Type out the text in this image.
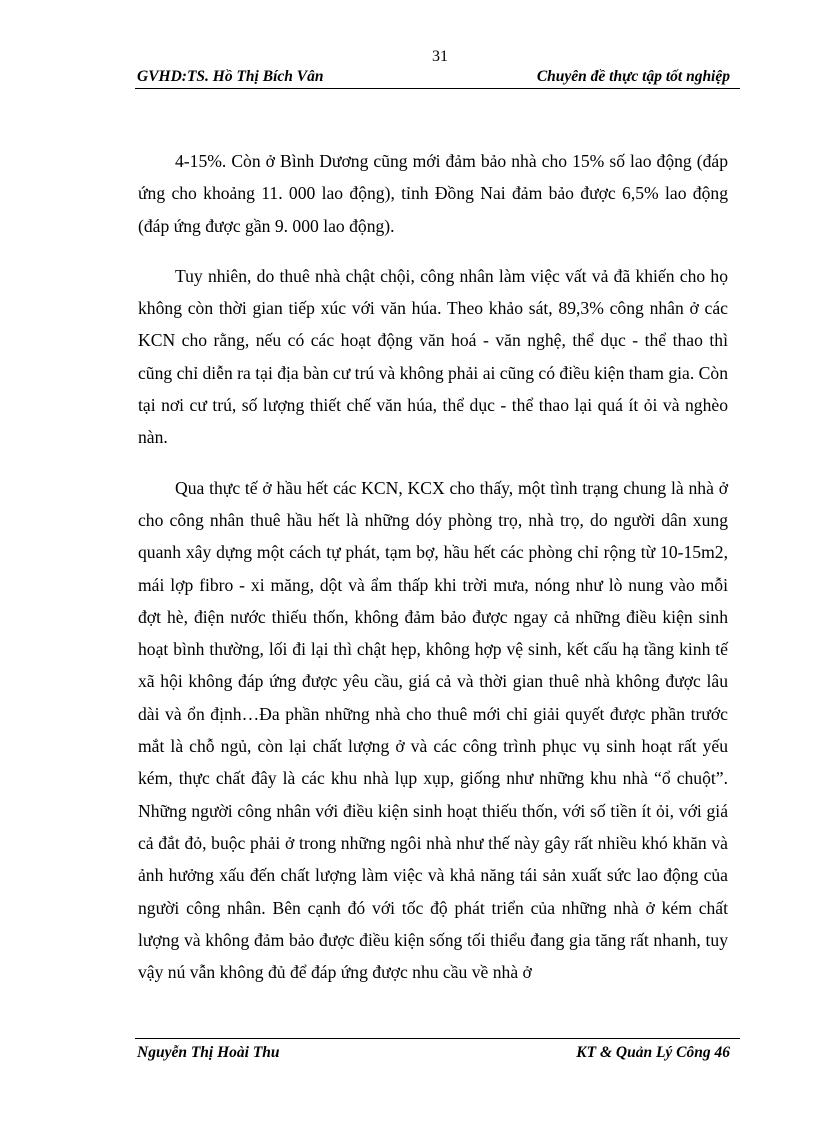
31
GVHD:TS. Hồ Thị Bích Vân	Chuyên đề thực tập tốt nghiệp

4-15%. Còn ở Bình Dương cũng mới đảm bảo nhà cho 15% số lao động (đáp ứng cho khoảng 11. 000 lao động), tỉnh Đồng Nai đảm bảo được 6,5% lao động (đáp ứng được gần 9. 000 lao động).

Tuy nhiên, do thuê nhà chật chội, công nhân làm việc vất vả đã khiến cho họ không còn thời gian tiếp xúc với văn húa. Theo khảo sát, 89,3% công nhân ở các KCN cho rằng, nếu có các hoạt động văn hoá - văn nghệ, thể dục - thể thao thì cũng chỉ diễn ra tại địa bàn cư trú và không phải ai cũng có điều kiện tham gia. Còn tại nơi cư trú, số lượng thiết chế văn húa, thể dục - thể thao lại quá ít ỏi và nghèo nàn.

Qua thực tế ở hầu hết các KCN, KCX cho thấy, một tình trạng chung là nhà ở cho công nhân thuê hầu hết là những dóy phòng trọ, nhà trọ, do người dân xung quanh xây dựng một cách tự phát, tạm bợ, hầu hết các phòng chỉ rộng từ 10-15m2, mái lợp fibro - xi măng, dột và ẩm thấp khi trời mưa, nóng như lò nung vào mỗi đợt hè, điện nước thiếu thốn, không đảm bảo được ngay cả những điều kiện sinh hoạt bình thường, lối đi lại thì chật hẹp, không hợp vệ sinh, kết cấu hạ tầng kinh tế xã hội không đáp ứng được yêu cầu, giá cả và thời gian thuê nhà không được lâu dài và ổn định…Đa phần những nhà cho thuê mới chỉ giải quyết được phần trước mắt là chỗ ngủ, còn lại chất lượng ở và các công trình phục vụ sinh hoạt rất yếu kém, thực chất đây là các khu nhà lụp xụp, giống như những khu nhà “ổ chuột”. Những người công nhân với điều kiện sinh hoạt thiếu thốn, với số tiền ít ỏi, với giá cả đắt đỏ, buộc phải ở trong những ngôi nhà như thế này gây rất nhiều khó khăn và ảnh hưởng xấu đến chất lượng làm việc và khả năng tái sản xuất sức lao động của người công nhân. Bên cạnh đó với tốc độ phát triển của những nhà ở kém chất lượng và không đảm bảo được điều kiện sống tối thiểu đang gia tăng rất nhanh, tuy vậy nú vẫn không đủ để đáp ứng được nhu cầu về nhà ở

Nguyễn Thị Hoài Thu	KT & Quản Lý Công 46
